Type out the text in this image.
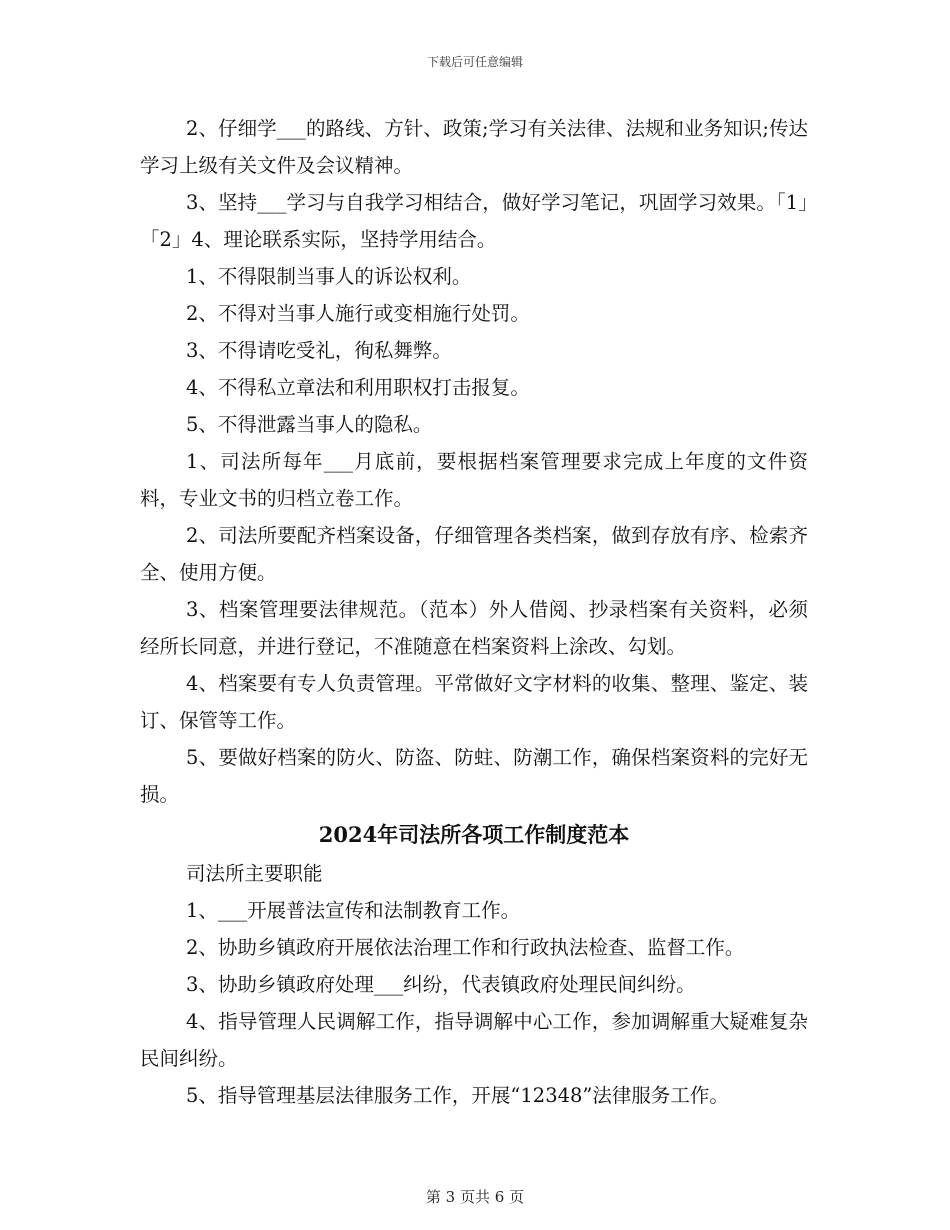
下载后可任意编辑

2、仔细学___的路线、方针、政策;学习有关法律、法规和业务知识;传达学习上级有关文件及会议精神。

3、坚持___学习与自我学习相结合，做好学习笔记，巩固学习效果。「1」「2」4、理论联系实际，坚持学用结合。

1、不得限制当事人的诉讼权利。

2、不得对当事人施行或变相施行处罚。

3、不得请吃受礼，徇私舞弊。

4、不得私立章法和利用职权打击报复。

5、不得泄露当事人的隐私。

1、司法所每年___月底前，要根据档案管理要求完成上年度的文件资料，专业文书的归档立卷工作。

2、司法所要配齐档案设备，仔细管理各类档案，做到存放有序、检索齐全、使用方便。

3、档案管理要法律规范。（范本）外人借阅、抄录档案有关资料，必须经所长同意，并进行登记，不准随意在档案资料上涂改、勾划。

4、档案要有专人负责管理。平常做好文字材料的收集、整理、鉴定、装订、保管等工作。

5、要做好档案的防火、防盗、防蛀、防潮工作，确保档案资料的完好无损。

2024年司法所各项工作制度范本

司法所主要职能

1、___开展普法宣传和法制教育工作。

2、协助乡镇政府开展依法治理工作和行政执法检查、监督工作。

3、协助乡镇政府处理___纠纷，代表镇政府处理民间纠纷。

4、指导管理人民调解工作，指导调解中心工作，参加调解重大疑难复杂民间纠纷。

5、指导管理基层法律服务工作，开展“12348”法律服务工作。

第 3 页共 6 页
